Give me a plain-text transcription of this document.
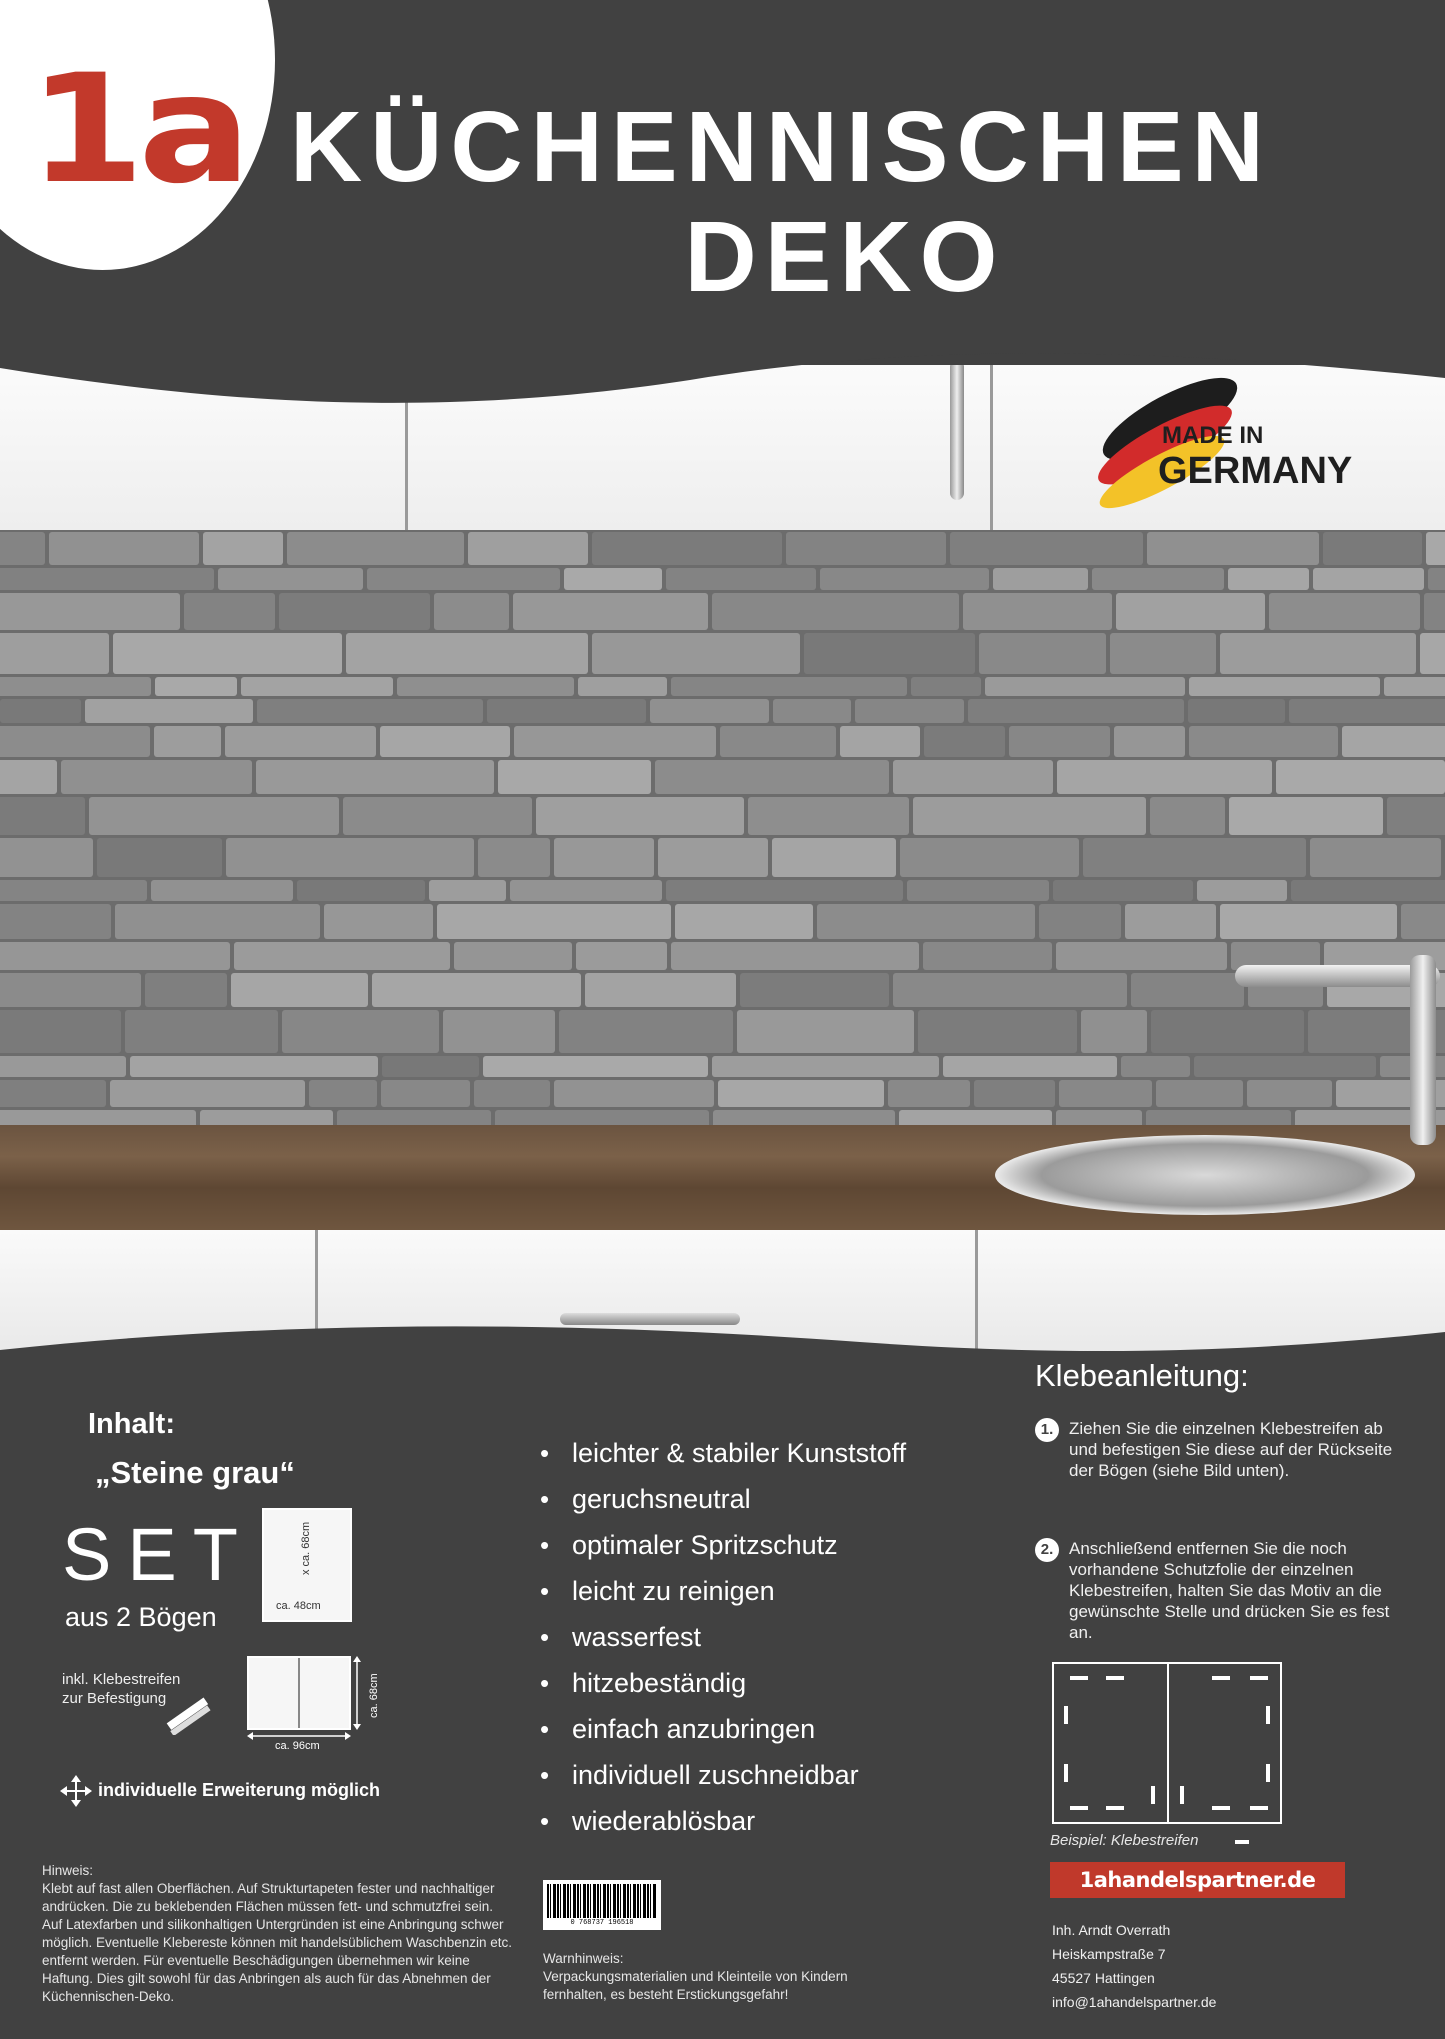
1a KÜCHENNISCHEN
DEKO
MADE IN
GERMANY
Inhalt:
„Steine grau“
SET
aus 2 Bögen	ca. 48cm
x ca. 68cm
inkl. Klebestreifen
zur Befestigung
ca. 96cm
ca. 68cm
individuelle Erweiterung möglich
Hinweis:
Klebt auf fast allen Oberflächen. Auf Strukturtapeten fester und nachhaltiger andrücken. Die zu beklebenden Flächen müssen fett- und schmutzfrei sein. Auf Latexfarben und silikonhaltigen Untergründen ist eine Anbringung schwer möglich. Eventuelle Klebereste können mit handelsüblichem Waschbenzin etc. entfernt werden. Für eventuelle Beschädigungen übernehmen wir keine Haftung. Dies gilt sowohl für das Anbringen als auch für das Abnehmen der Küchennischen-Deko.
• leichter & stabiler Kunststoff
• geruchsneutral
• optimaler Spritzschutz
• leicht zu reinigen
• wasserfest
• hitzebeständig
• einfach anzubringen
• individuell zuschneidbar
• wiederablösbar
0 768737 196518
Warnhinweis:
Verpackungsmaterialien und Kleinteile von Kindern fernhalten, es besteht Erstickungsgefahr!
Klebeanleitung:
1. Ziehen Sie die einzelnen Klebestreifen ab und befestigen Sie diese auf der Rückseite der Bögen (siehe Bild unten).
2. Anschließend entfernen Sie die noch vorhandene Schutzfolie der einzelnen Klebestreifen, halten Sie das Motiv an die gewünschte Stelle und drücken Sie es fest an.
Beispiel: Klebestreifen
1ahandelspartner.de
Inh. Arndt Overrath
Heiskampstraße 7
45527 Hattingen
info@1ahandelspartner.de
